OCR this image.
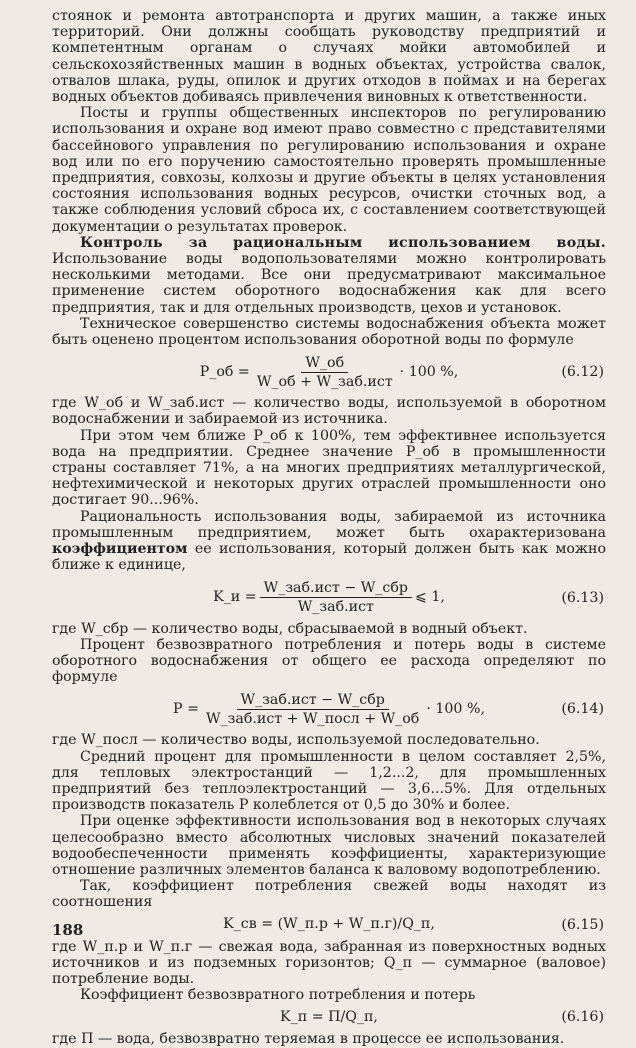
стоянок и ремонта автотранспорта и других машин, а также иных территорий. Они должны сообщать руководству предприятий и компетентным органам о случаях мойки автомобилей и сельскохозяйственных машин в водных объектах, устройства свалок, отвалов шлака, руды, опилок и других отходов в поймах и на берегах водных объектов добиваясь привлечения виновных к ответственности.

Посты и группы общественных инспекторов по регулированию использования и охране вод имеют право совместно с представителями бассейнового управления по регулированию использования и охране вод или по его поручению самостоятельно проверять промышленные предприятия, совхозы, колхозы и другие объекты в целях установления состояния использования водных ресурсов, очистки сточных вод, а также соблюдения условий сброса их, с составлением соответствующей документации о результатах проверок.

Контроль за рациональным использованием воды. Использование воды водопользователями можно контролировать несколькими методами. Все они предусматривают максимальное применение систем оборотного водоснабжения как для всего предприятия, так и для отдельных производств, цехов и установок.

Техническое совершенство системы водоснабжения объекта может быть оценено процентом использования оборотной воды по формуле

P_об = $\frac{W\_об}{\text{W\_об + W\_заб.ист}} \cdot 100$ %,	(6.12)

где W_об и W_заб.ист — количество воды, используемой в оборотном водоснабжении и забираемой из источника.

При этом чем ближе P_об к 100%, тем эффективнее используется вода на предприятии. Среднее значение P_об в промышленности страны составляет 71%, а на многих предприятиях металлургической, нефтехимической и некоторых других отраслей промышленности оно достигает 90...96%.

Рациональность использования воды, забираемой из источника промышленным предприятием, может быть охарактеризована коэффициентом ее использования, который должен быть как можно ближе к единице,

K_и = $\frac{\text{W\_заб.ист − W\_сбр}}{\text{W\_заб.ист}}$ ⩽ 1,	(6.13)

где W_сбр — количество воды, сбрасываемой в водный объект.

Процент безвозвратного потребления и потерь воды в системе оборотного водоснабжения от общего ее расхода определяют по формуле

$P = \frac{\text{W\_заб.ист − W\_сбр}}{\text{W\_заб.ист + W\_посл + W\_об}} \cdot 100$ %,	(6.14)

где W_посл — количество воды, используемой последовательно.

Средний процент для промышленности в целом составляет 2,5%, для тепловых электростанций — 1,2...2, для промышленных предприятий без теплоэлектростанций — 3,6...5%. Для отдельных производств показатель P колеблется от 0,5 до 30% и более.

При оценке эффективности использования вод в некоторых случаях целесообразно вместо абсолютных числовых значений показателей водообеспеченности применять коэффициенты, характеризующие отношение различных элементов баланса к валовому водопотреблению.

Так, коэффициент потребления свежей воды находят из соотношения

K_св = (W_п.р + W_п.г)/Q_п,	(6.15)

где W_п.р и W_п.г — свежая вода, забранная из поверхностных водных источников и из подземных горизонтов; Q_п — суммарное (валовое) потребление воды.

Коэффициент безвозвратного потребления и потерь

K_п = П/Q_п,	(6.16)

где П — вода, безвозвратно теряемая в процессе ее использования.

188
